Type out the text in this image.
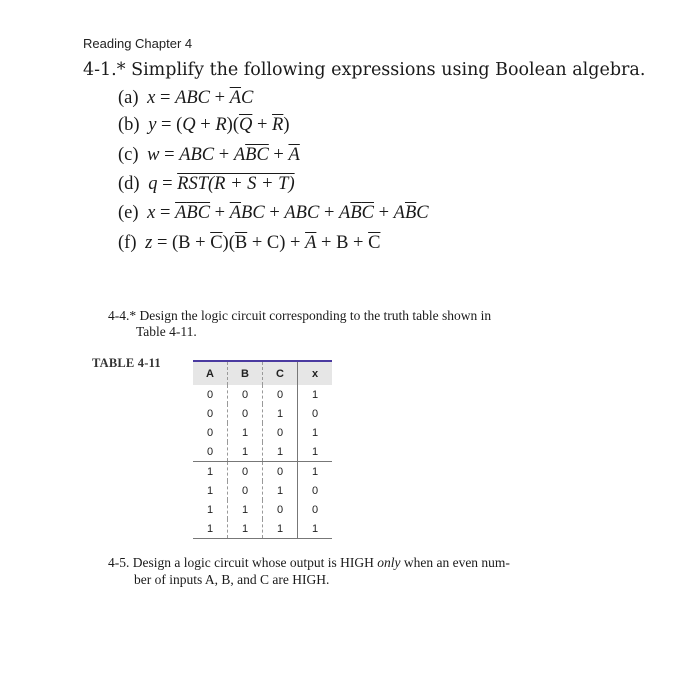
Reading Chapter 4
4-1.* Simplify the following expressions using Boolean algebra.
(a) x = ABC + $\overline{A}C$
(b) $y = (Q + R)(\overline{Q} + \overline{R})$
(c) w = ABC + $A\overline{BC} + \overline{A}$
(d) q = RST(R + S + T)
(e) $x = \overline{A}\overline{B}\overline{C} + \overline{A}BC$ + ABC + $A\overline{B}\overline{C} + A\overline{B}C$
(f) $z = (B + \overline{C})(\overline{B} + C) + \overline{A} + B + \overline{C}$
4-4.* Design the logic circuit corresponding to the truth table shown in
Table 4-11.
TABLE 4-11
A	B	C	x
0	0	0	1
0	0	1	0
0	1	0	1
0	1	1	1
1	0	0	1
1	0	1	0
1	1	0	0
1	1	1	1
4-5. Design a logic circuit whose output is HIGH only when an even num-
ber of inputs A, B, and C are HIGH.
